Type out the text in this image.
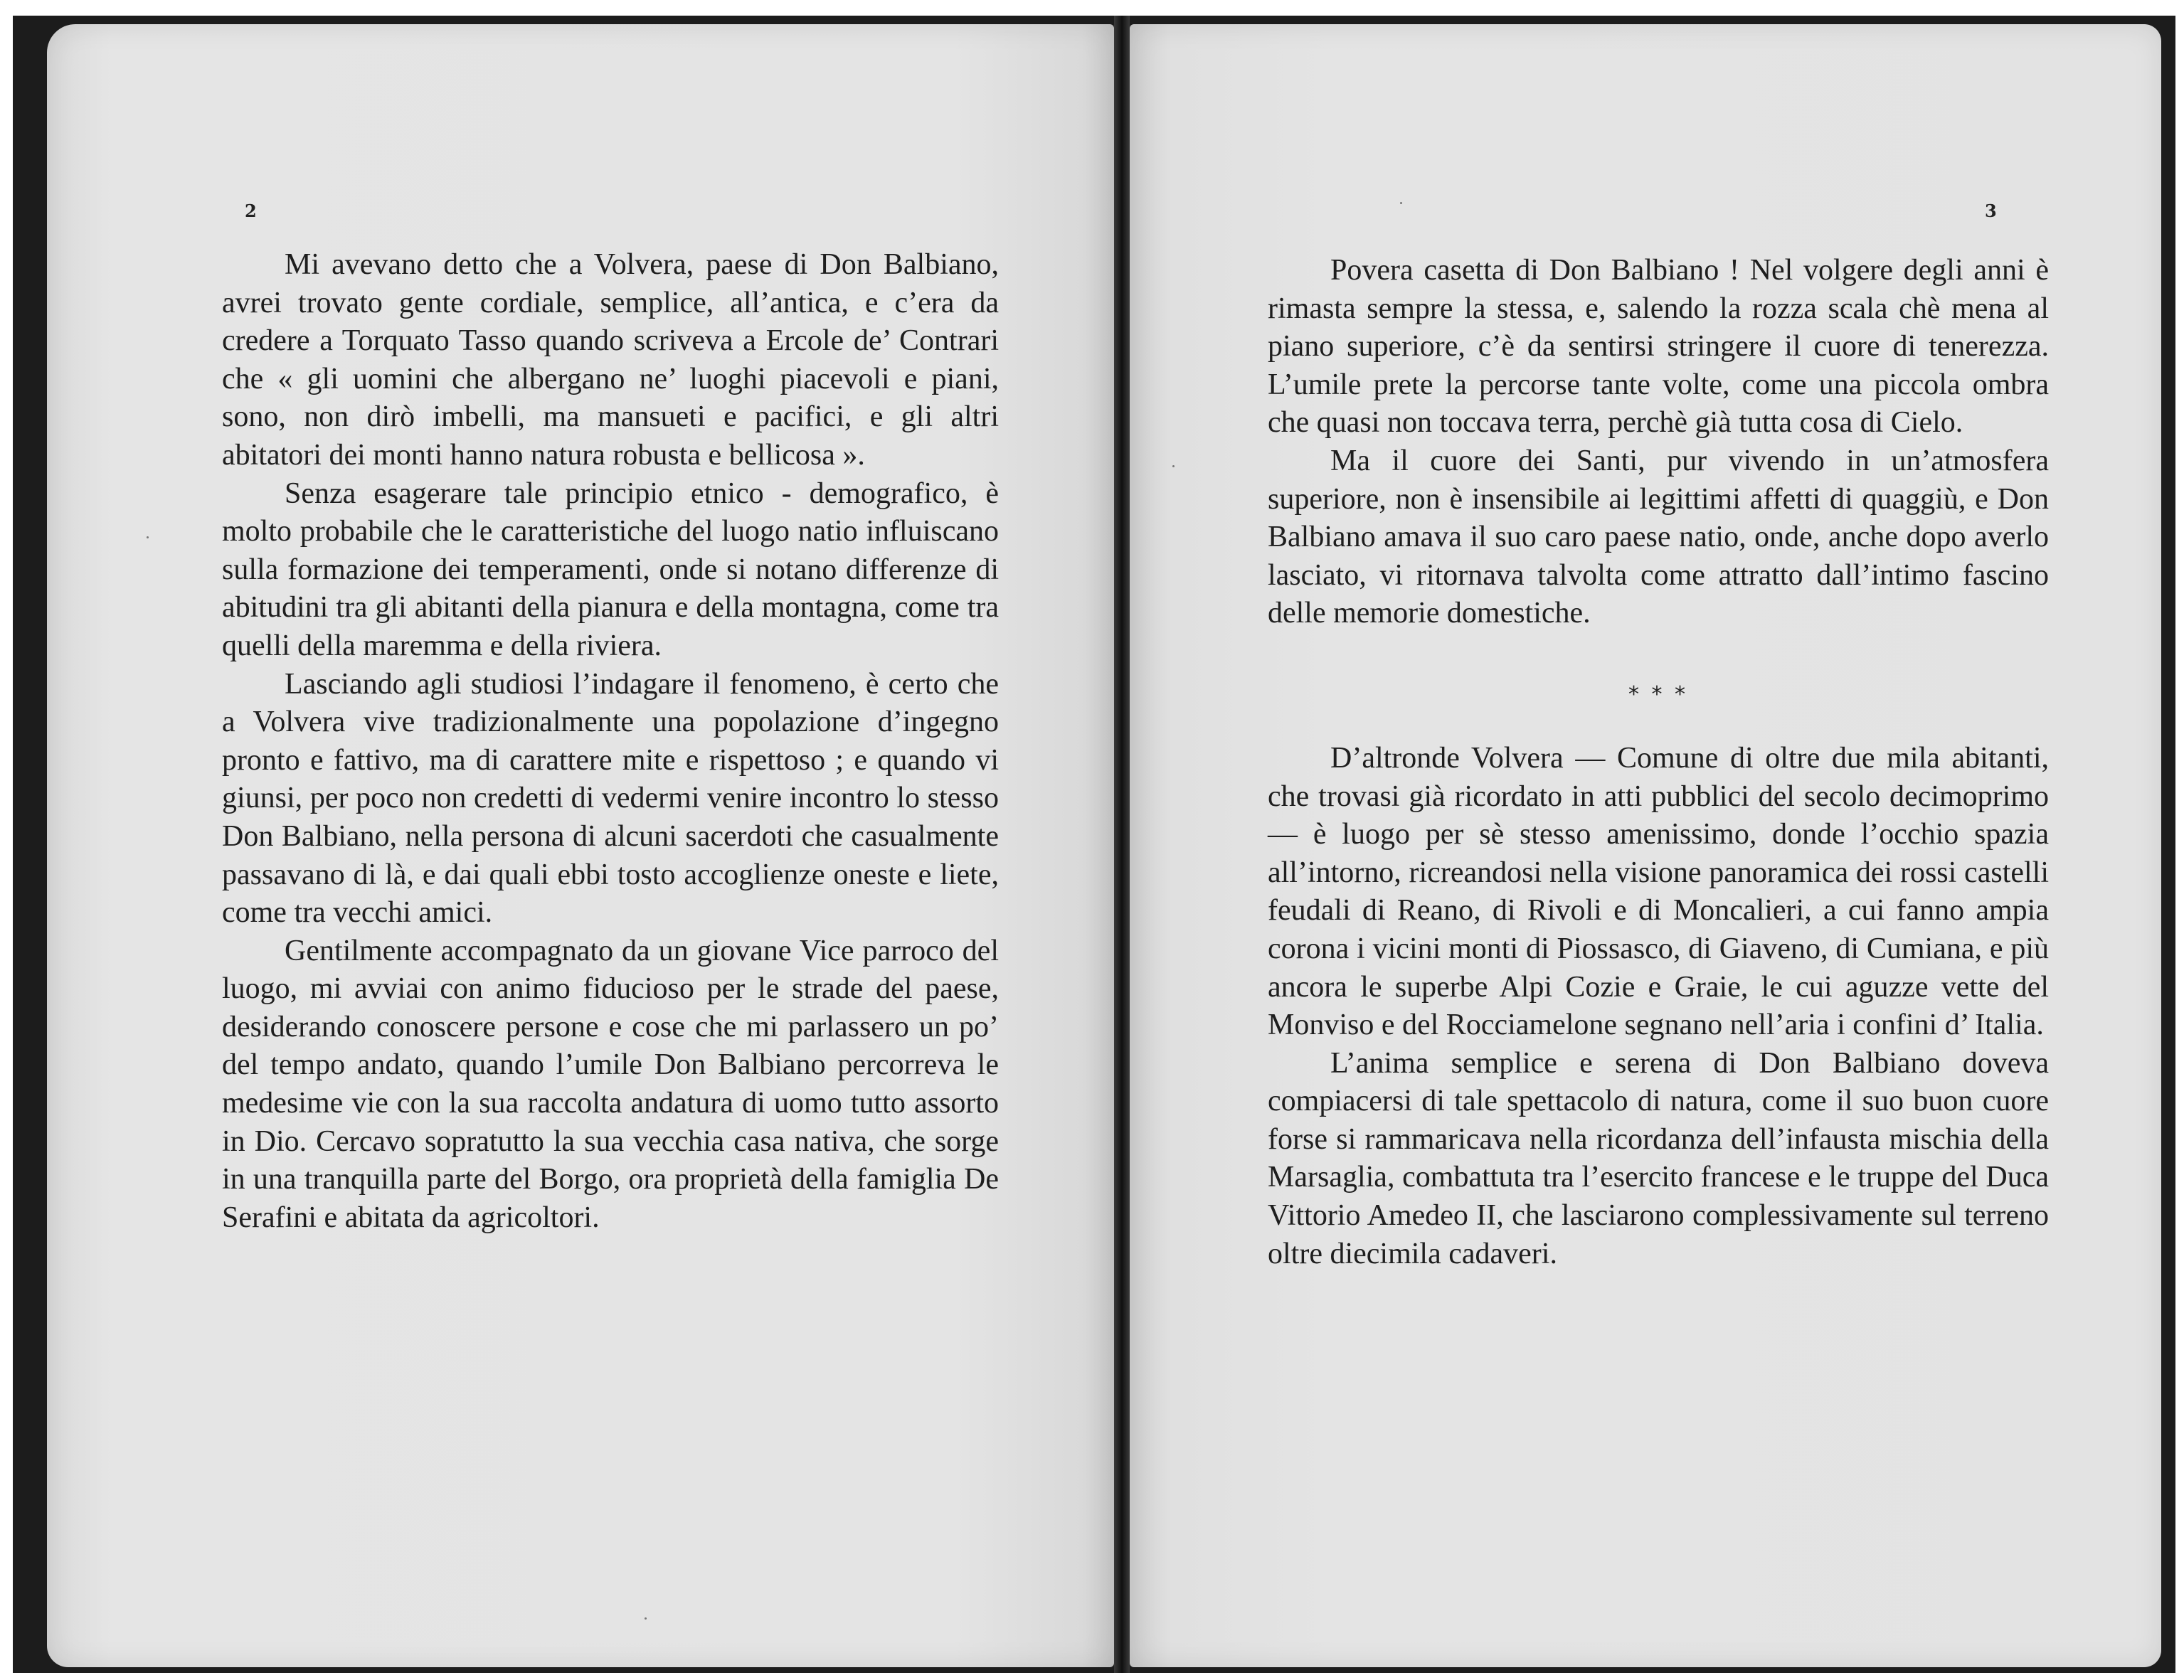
2

Mi avevano detto che a Volvera, paese di Don Balbiano, avrei trovato gente cordiale, semplice, all’antica, e c’era da credere a Torquato Tasso quando scriveva a Ercole de’ Contrari che « gli uomini che albergano ne’ luoghi piacevoli e piani, sono, non dirò imbelli, ma mansueti e pacifici, e gli altri abitatori dei monti hanno natura robusta e bellicosa ».

Senza esagerare tale principio etnico - demografico, è molto probabile che le caratteristiche del luogo natio influiscano sulla formazione dei temperamenti, onde si notano differenze di abitudini tra gli abitanti della pianura e della montagna, come tra quelli della maremma e della riviera.

Lasciando agli studiosi l’indagare il fenomeno, è certo che a Volvera vive tradizionalmente una popolazione d’ingegno pronto e fattivo, ma di carattere mite e rispettoso ; e quando vi giunsi, per poco non credetti di vedermi venire incontro lo stesso Don Balbiano, nella persona di alcuni sacerdoti che casualmente passavano di là, e dai quali ebbi tosto accoglienze oneste e liete, come tra vecchi amici.

Gentilmente accompagnato da un giovane Vice parroco del luogo, mi avviai con animo fiducioso per le strade del paese, desiderando conoscere persone e cose che mi parlassero un po’ del tempo andato, quando l’umile Don Balbiano percorreva le medesime vie con la sua raccolta andatura di uomo tutto assorto in Dio. Cercavo sopratutto la sua vecchia casa nativa, che sorge in una tranquilla parte del Borgo, ora proprietà della famiglia De Serafini e abitata da agricoltori.

3

Povera casetta di Don Balbiano ! Nel volgere degli anni è rimasta sempre la stessa, e, salendo la rozza scala chè mena al piano superiore, c’è da sentirsi stringere il cuore di tenerezza. L’umile prete la percorse tante volte, come una piccola ombra che quasi non toccava terra, perchè già tutta cosa di Cielo.

Ma il cuore dei Santi, pur vivendo in un’atmosfera superiore, non è insensibile ai legittimi affetti di quaggiù, e Don Balbiano amava il suo caro paese natio, onde, anche dopo averlo lasciato, vi ritornava talvolta come attratto dall’intimo fascino delle memorie domestiche.

* * *

D’altronde Volvera — Comune di oltre due mila abitanti, che trovasi già ricordato in atti pubblici del secolo decimoprimo — è luogo per sè stesso amenissimo, donde l’occhio spazia all’intorno, ricreandosi nella visione panoramica dei rossi castelli feudali di Reano, di Rivoli e di Moncalieri, a cui fanno ampia corona i vicini monti di Piossasco, di Giaveno, di Cumiana, e più ancora le superbe Alpi Cozie e Graie, le cui aguzze vette del Monviso e del Rocciamelone segnano nell’aria i confini d’ Italia.

L’anima semplice e serena di Don Balbiano doveva compiacersi di tale spettacolo di natura, come il suo buon cuore forse si rammaricava nella ricordanza dell’infausta mischia della Marsaglia, combattuta tra l’esercito francese e le truppe del Duca Vittorio Amedeo II, che lasciarono complessivamente sul terreno oltre diecimila cadaveri.
